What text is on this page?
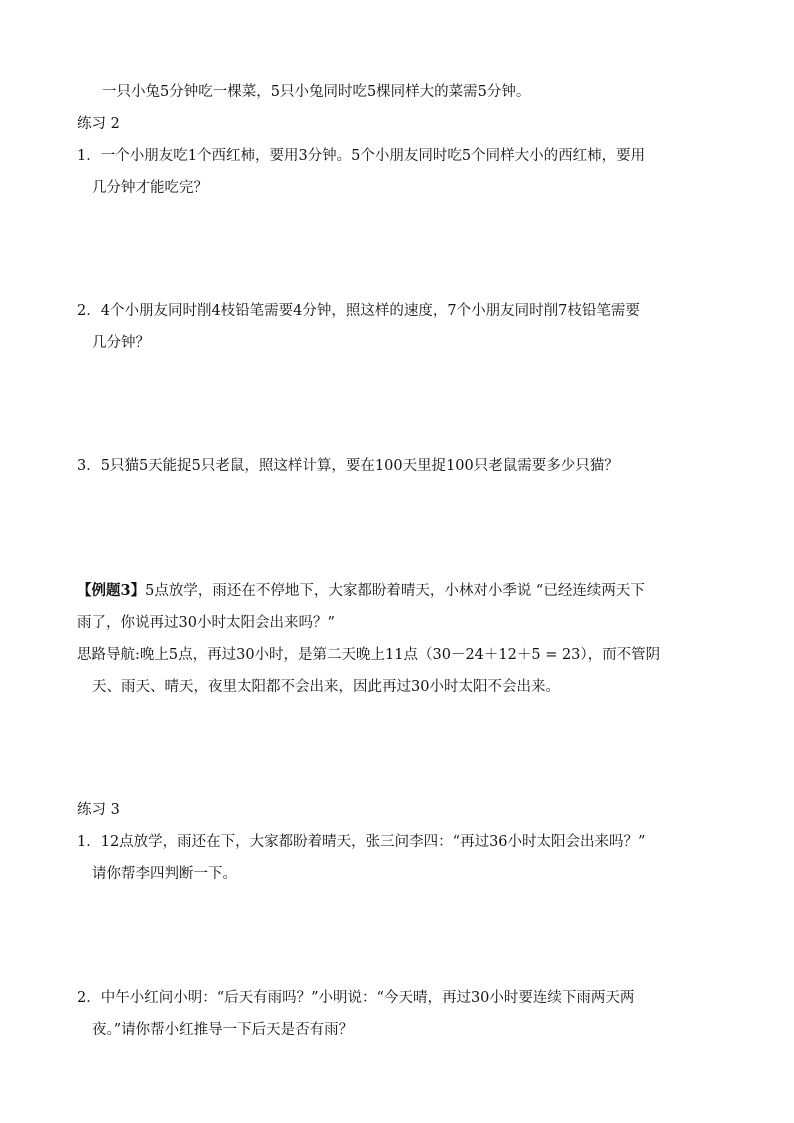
一只小兔5分钟吃一棵菜，5只小兔同时吃5棵同样大的菜需5分钟。
练习 2
1．一个小朋友吃1个西红柿，要用3分钟。5个小朋友同时吃5个同样大小的西红柿，要用
几分钟才能吃完？
2．4个小朋友同时削4枝铅笔需要4分钟，照这样的速度，7个小朋友同时削7枝铅笔需要
几分钟？
3．5只猫5天能捉5只老鼠，照这样计算，要在100天里捉100只老鼠需要多少只猫？
【例题3】5点放学，雨还在不停地下，大家都盼着晴天，小林对小季说 “已经连续两天下
雨了，你说再过30小时太阳会出来吗？”
思路导航:晚上5点，再过30小时，是第二天晚上11点（30－24＋12＋5 = 23），而不管阴
天、雨天、晴天，夜里太阳都不会出来，因此再过30小时太阳不会出来。
练习 3
1．12点放学，雨还在下，大家都盼着晴天，张三问李四：“再过36小时太阳会出来吗？”
请你帮李四判断一下。
2．中午小红问小明：“后天有雨吗？”小明说：“今天晴，再过30小时要连续下雨两天两
夜。”请你帮小红推导一下后天是否有雨？
